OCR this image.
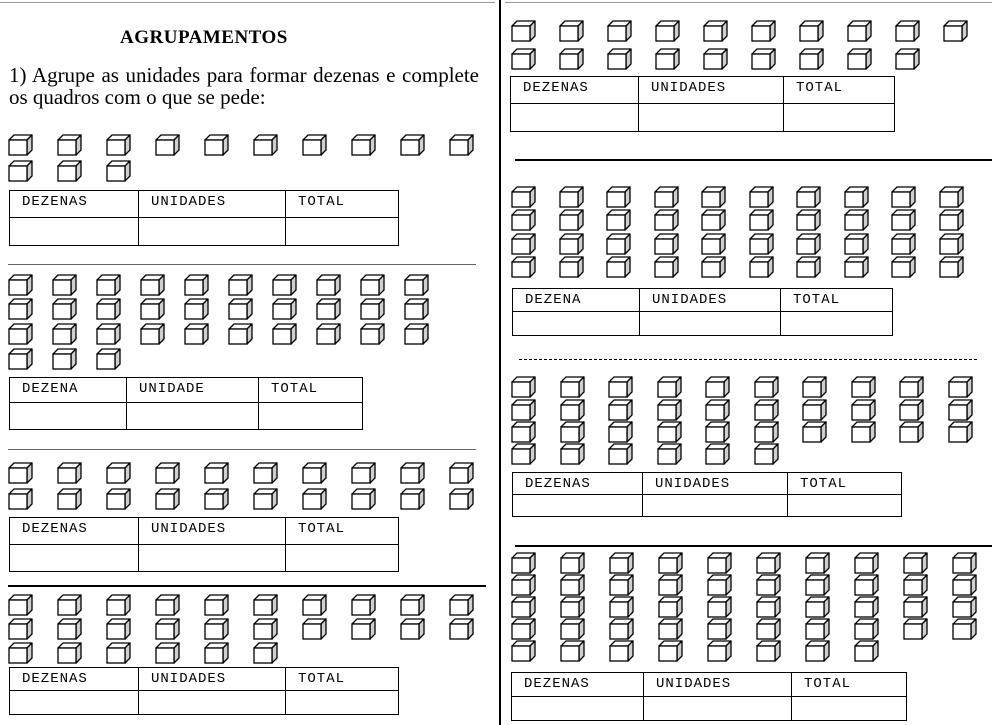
AGRUPAMENTOS
1) Agrupe as unidades para formar dezenas e complete os quadros com o que se pede:
DEZENAS	UNIDADES	TOTAL

DEZENA	UNIDADE	TOTAL

DEZENAS	UNIDADES	TOTAL

DEZENAS	UNIDADES	TOTAL

DEZENAS	UNIDADES	TOTAL

DEZENA	UNIDADES	TOTAL

DEZENAS	UNIDADES	TOTAL

DEZENAS	UNIDADES	TOTAL
